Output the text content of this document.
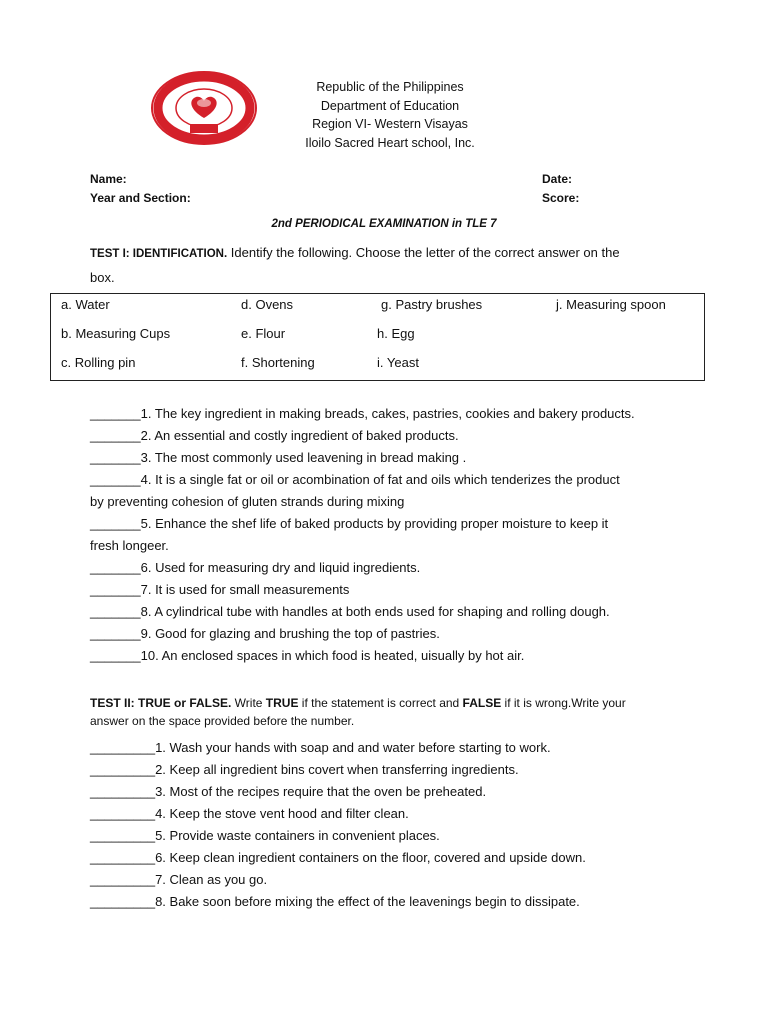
Republic of the Philippines
Department of Education
Region VI- Western Visayas
Iloilo Sacred Heart school, Inc.
Name:
Year and Section:
Date:
Score:
2nd PERIODICAL EXAMINATION in TLE 7
TEST I: IDENTIFICATION. Identify the following. Choose the letter of the correct answer on the
box.
a. Water	d. Ovens	g. Pastry brushes	j. Measuring spoon
b. Measuring Cups	e. Flour	h. Egg
c. Rolling pin	f. Shortening	i. Yeast
_______1. The key ingredient in making breads, cakes, pastries, cookies and bakery products.
_______2. An essential and costly ingredient of baked products.
_______3. The most commonly used leavening in bread making .
_______4. It is a single fat or oil or acombination of fat and oils which tenderizes the product
by preventing cohesion of gluten strands during mixing
_______5. Enhance the shef life of baked products by providing proper moisture to keep it
fresh longeer.
_______6. Used for measuring dry and liquid ingredients.
_______7. It is used for small measurements
_______8. A cylindrical tube with handles at both ends used for shaping and rolling dough.
_______9. Good for glazing and brushing the top of pastries.
_______10. An enclosed spaces in which food is heated, uisually by hot air.
TEST II: TRUE or FALSE. Write TRUE if the statement is correct and FALSE if it is wrong.Write your
answer on the space provided before the number.
_________1. Wash your hands with soap and and water before starting to work.
_________2. Keep all ingredient bins covert when transferring ingredients.
_________3. Most of the recipes require that the oven be preheated.
_________4. Keep the stove vent hood and filter clean.
_________5. Provide waste containers in convenient places.
_________6. Keep clean ingredient containers on the floor, covered and upside down.
_________7. Clean as you go.
_________8. Bake soon before mixing the effect of the leavenings begin to dissipate.
